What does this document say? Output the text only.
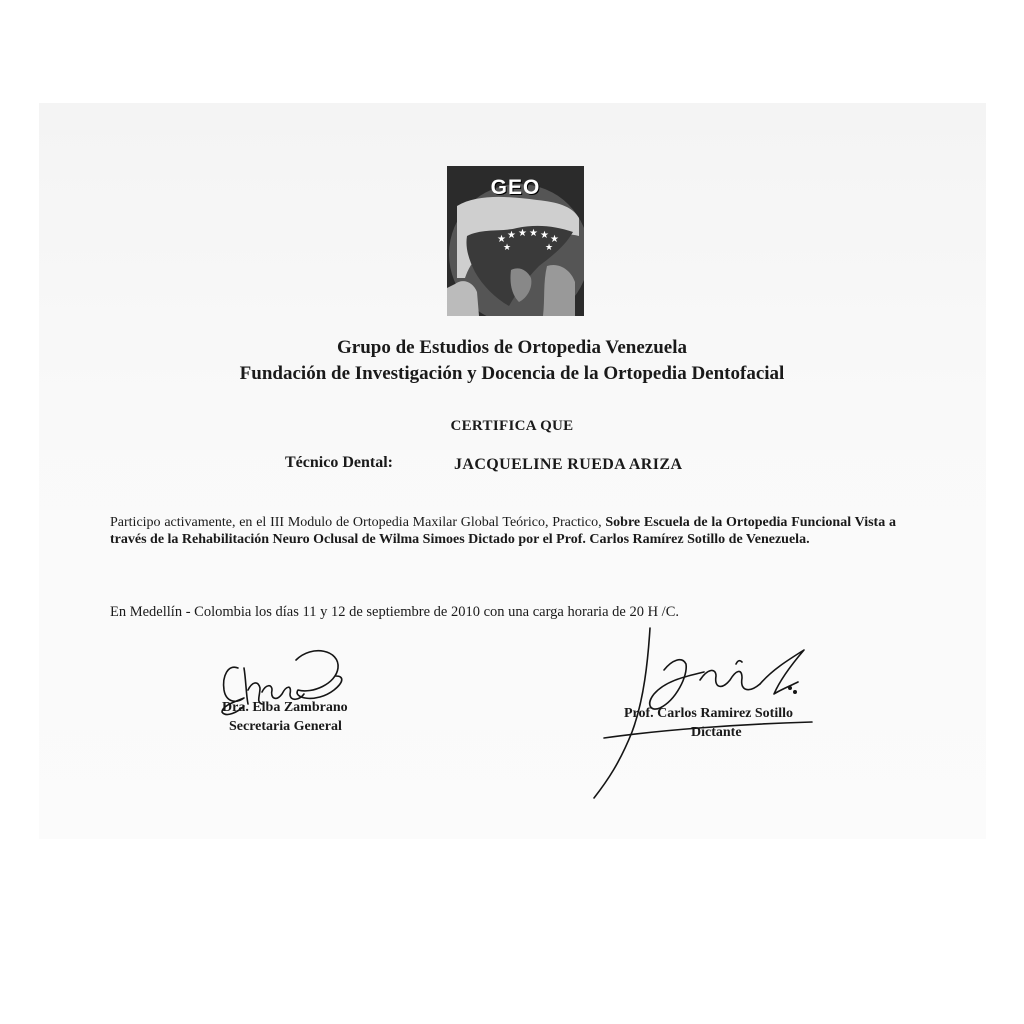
★ ★ ★ ★ ★ ★
★	★
GEO
Grupo de Estudios de Ortopedia Venezuela
Fundación de Investigación y Docencia de la Ortopedia Dentofacial
CERTIFICA QUE
Técnico Dental:	JACQUELINE RUEDA ARIZA
Participo activamente, en el III Modulo de Ortopedia Maxilar Global Teórico, Practico, Sobre Escuela de la Ortopedia Funcional Vista a través de la Rehabilitación Neuro Oclusal de Wilma Simoes Dictado por el Prof. Carlos Ramírez Sotillo de Venezuela.
En Medellín - Colombia los días 11 y 12 de septiembre de 2010 con una carga horaria de 20 H /C.
Dra. Elba Zambrano
Secretaria General
Prof. Carlos Ramirez Sotillo
Dictante
